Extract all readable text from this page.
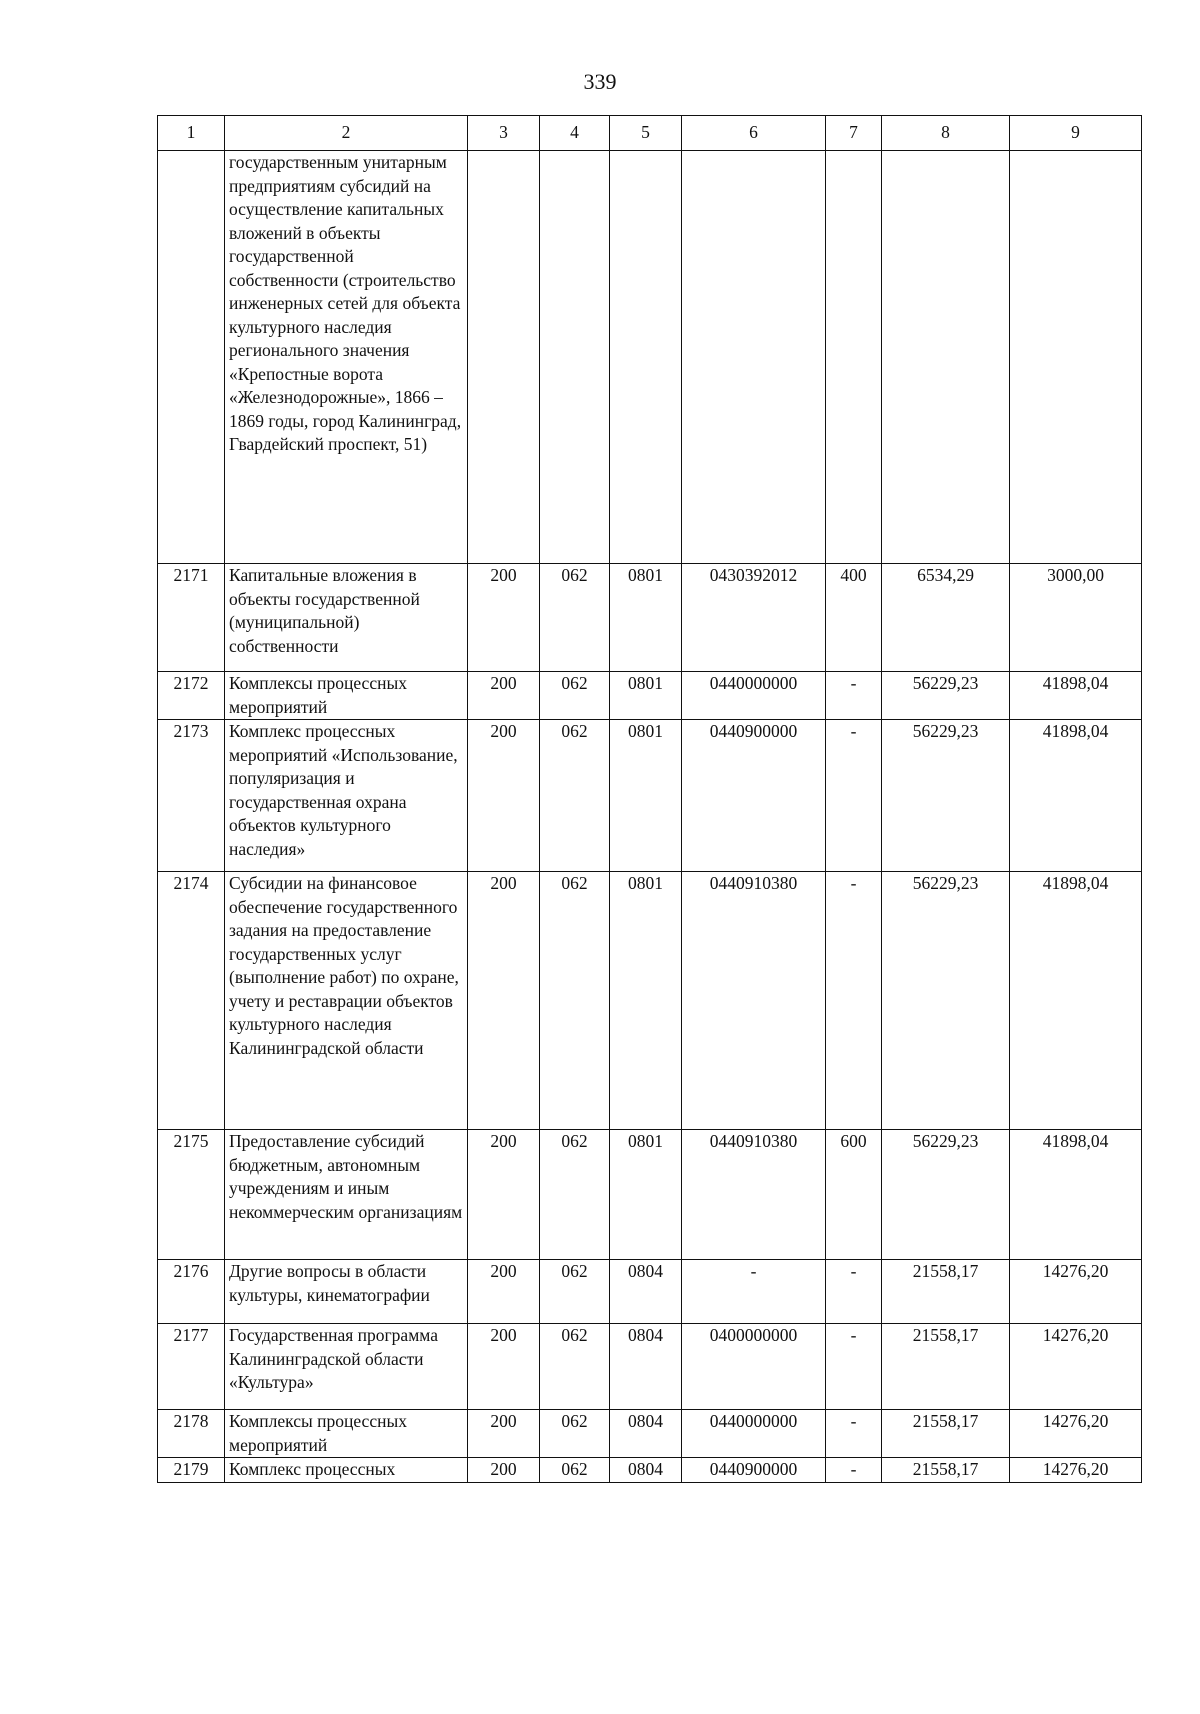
339
1	2	3	4	5	6	7	8	9
	государственным унитарным предприятиям субсидий на осуществление капитальных вложений в объекты государственной собственности (строительство инженерных сетей для объекта культурного наследия регионального значения «Крепостные ворота «Железнодорожные», 1866 –1869 годы, город Калининград, Гвардейский проспект, 51)							
2171	Капитальные вложения в объекты государственной (муниципальной) собственности	200	062	0801	0430392012	400	6534,29	3000,00
2172	Комплексы процессных мероприятий	200	062	0801	0440000000	-	56229,23	41898,04
2173	Комплекс процессных мероприятий «Использование, популяризация и государственная охрана объектов культурного наследия»	200	062	0801	0440900000	-	56229,23	41898,04
2174	Субсидии на финансовое обеспечение государственного задания на предоставление государственных услуг (выполнение работ) по охране, учету и реставрации объектов культурного наследия Калининградской области	200	062	0801	0440910380	-	56229,23	41898,04
2175	Предоставление субсидий бюджетным, автономным учреждениям и иным некоммерческим организациям	200	062	0801	0440910380	600	56229,23	41898,04
2176	Другие вопросы в области культуры, кинематографии	200	062	0804	-	-	21558,17	14276,20
2177	Государственная программа Калининградской области «Культура»	200	062	0804	0400000000	-	21558,17	14276,20
2178	Комплексы процессных мероприятий	200	062	0804	0440000000	-	21558,17	14276,20
2179	Комплекс процессных	200	062	0804	0440900000	-	21558,17	14276,20
